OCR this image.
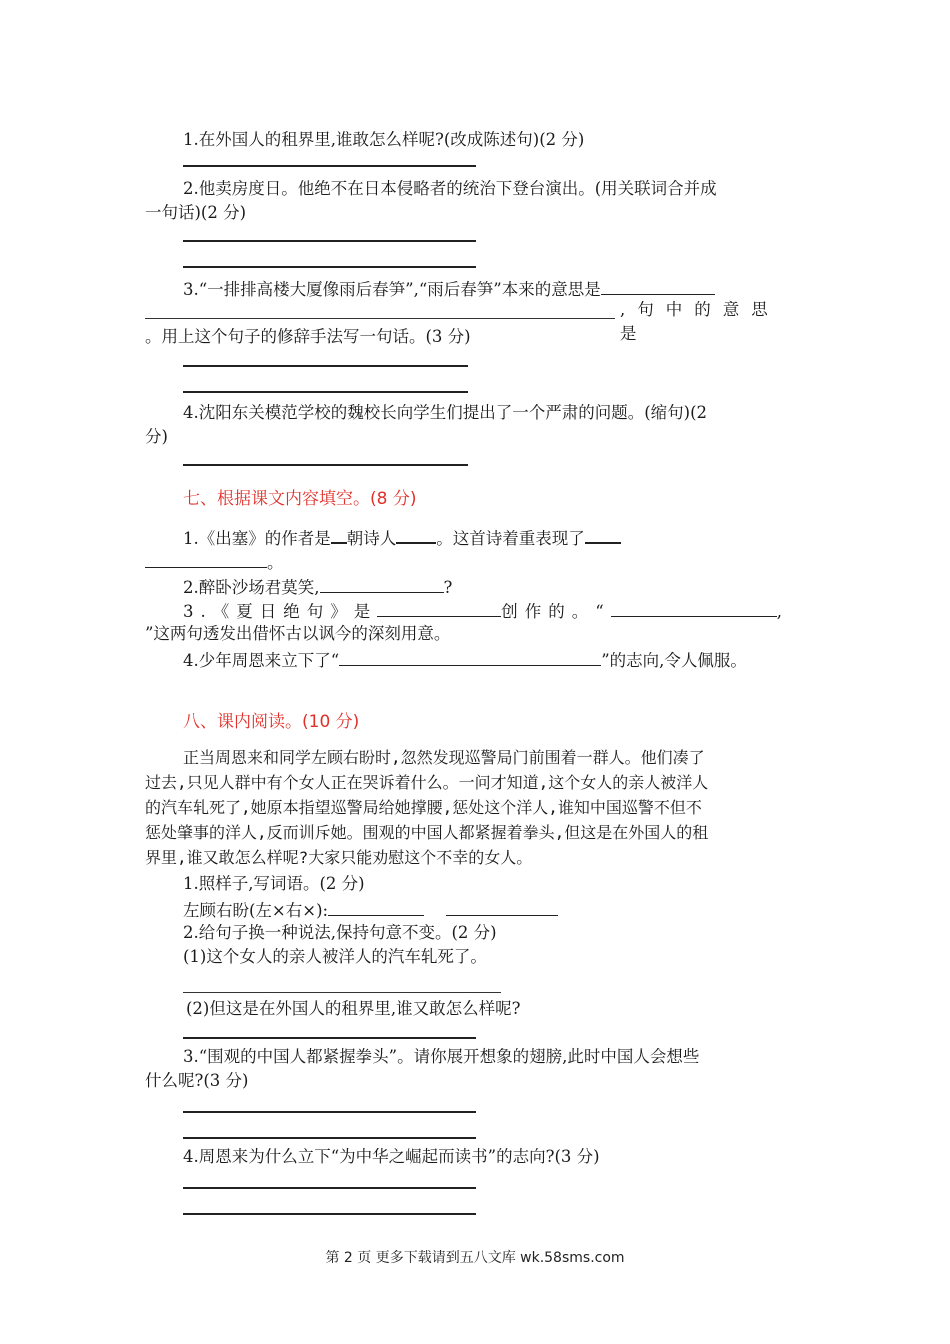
1.在外国人的租界里,谁敢怎么样呢?(改成陈述句)(2 分)
2.他卖房度日。他绝不在日本侵略者的统治下登台演出。(用关联词合并成
一句话)(2 分)
3.“一排排高楼大厦像雨后春笋”,“雨后春笋”本来的意思是
,句中的意思是
。用上这个句子的修辞手法写一句话。(3 分)
4.沈阳东关模范学校的魏校长向学生们提出了一个严肃的问题。(缩句)(2
分)
七、根据课文内容填空。(8 分)
1.《出塞》的作者是 朝诗人 。这首诗着重表现了
。
2.醉卧沙场君莫笑,	?
3.《夏日绝句》是	创作的。“	,
”这两句透发出借怀古以讽今的深刻用意。
4.少年周恩来立下了“	”的志向,令人佩服。
八、课内阅读。(10 分)
正当周恩来和同学左顾右盼时,忽然发现巡警局门前围着一群人。他们凑了
过去,只见人群中有个女人正在哭诉着什么。一问才知道,这个女人的亲人被洋人
的汽车轧死了,她原本指望巡警局给她撑腰,惩处这个洋人,谁知中国巡警不但不
惩处肇事的洋人,反而训斥她。围观的中国人都紧握着拳头,但这是在外国人的租
界里,谁又敢怎么样呢?大家只能劝慰这个不幸的女人。
1.照样子,写词语。(2 分)
左顾右盼(左×右×):
2.给句子换一种说法,保持句意不变。(2 分)
(1)这个女人的亲人被洋人的汽车轧死了。
(2)但这是在外国人的租界里,谁又敢怎么样呢?
3.“围观的中国人都紧握拳头”。请你展开想象的翅膀,此时中国人会想些
什么呢?(3 分)
4.周恩来为什么立下“为中华之崛起而读书”的志向?(3 分)
第 2 页 更多下载请到五八文库 wk.58sms.com
